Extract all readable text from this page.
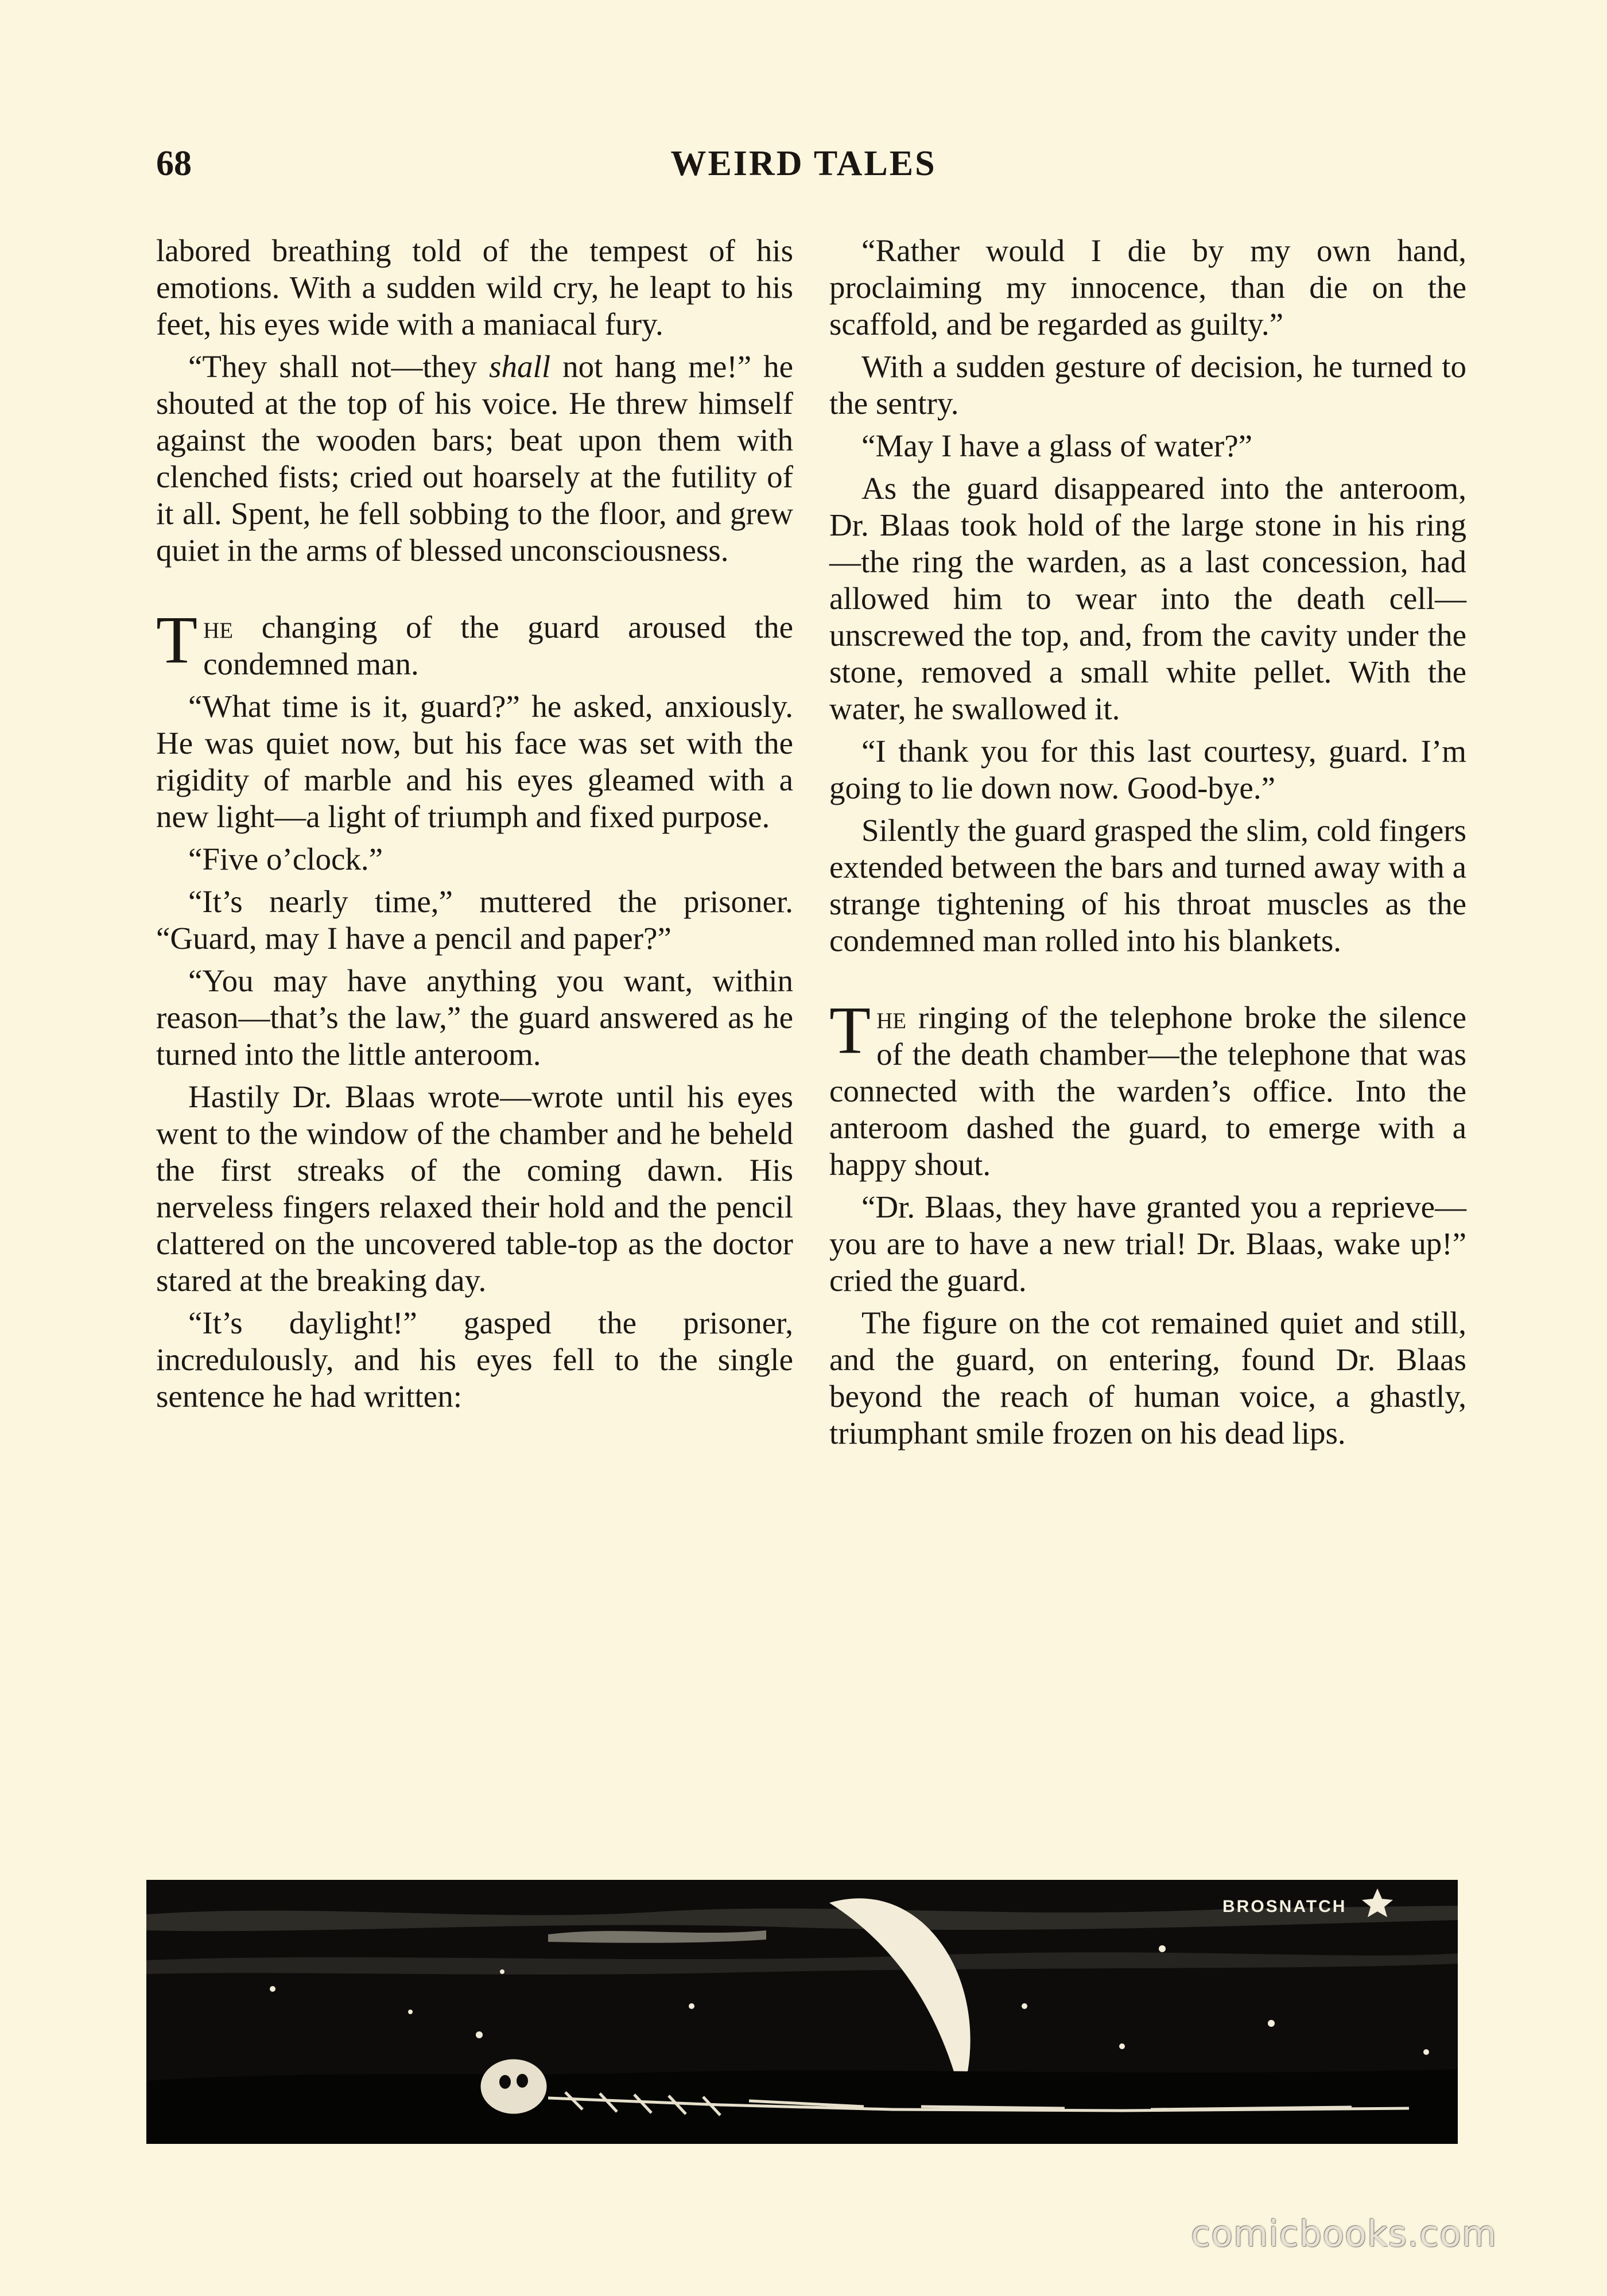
68	WEIRD TALES

labored breathing told of the tempest of his emotions. With a sudden wild cry, he leapt to his feet, his eyes wide with a maniacal fury.

“They shall not—they shall not hang me!” he shouted at the top of his voice. He threw himself against the wooden bars; beat upon them with clenched fists; cried out hoarsely at the futility of it all. Spent, he fell sobbing to the floor, and grew quiet in the arms of blessed unconsciousness.

The changing of the guard aroused the condemned man.

“What time is it, guard?” he asked, anxiously. He was quiet now, but his face was set with the rigidity of marble and his eyes gleamed with a new light—a light of triumph and fixed purpose.

“Five o’clock.”

“It’s nearly time,” muttered the prisoner. “Guard, may I have a pencil and paper?”

“You may have anything you want, within reason—that’s the law,” the guard answered as he turned into the little anteroom.

Hastily Dr. Blaas wrote—wrote until his eyes went to the window of the chamber and he beheld the first streaks of the coming dawn. His nerveless fingers relaxed their hold and the pencil clattered on the uncovered table-top as the doctor stared at the breaking day.

“It’s daylight!” gasped the prisoner, incredulously, and his eyes fell to the single sentence he had written:

“Rather would I die by my own hand, proclaiming my innocence, than die on the scaffold, and be regarded as guilty.”

With a sudden gesture of decision, he turned to the sentry.

“May I have a glass of water?”

As the guard disappeared into the anteroom, Dr. Blaas took hold of the large stone in his ring—the ring the warden, as a last concession, had allowed him to wear into the death cell—unscrewed the top, and, from the cavity under the stone, removed a small white pellet. With the water, he swallowed it.

“I thank you for this last courtesy, guard. I’m going to lie down now. Good-bye.”

Silently the guard grasped the slim, cold fingers extended between the bars and turned away with a strange tightening of his throat muscles as the condemned man rolled into his blankets.

The ringing of the telephone broke the silence of the death chamber—the telephone that was connected with the warden’s office. Into the anteroom dashed the guard, to emerge with a happy shout.

“Dr. Blaas, they have granted you a reprieve—you are to have a new trial! Dr. Blaas, wake up!” cried the guard.

The figure on the cot remained quiet and still, and the guard, on entering, found Dr. Blaas beyond the reach of human voice, a ghastly, triumphant smile frozen on his dead lips.

BROSNATCH
comicbooks.com
